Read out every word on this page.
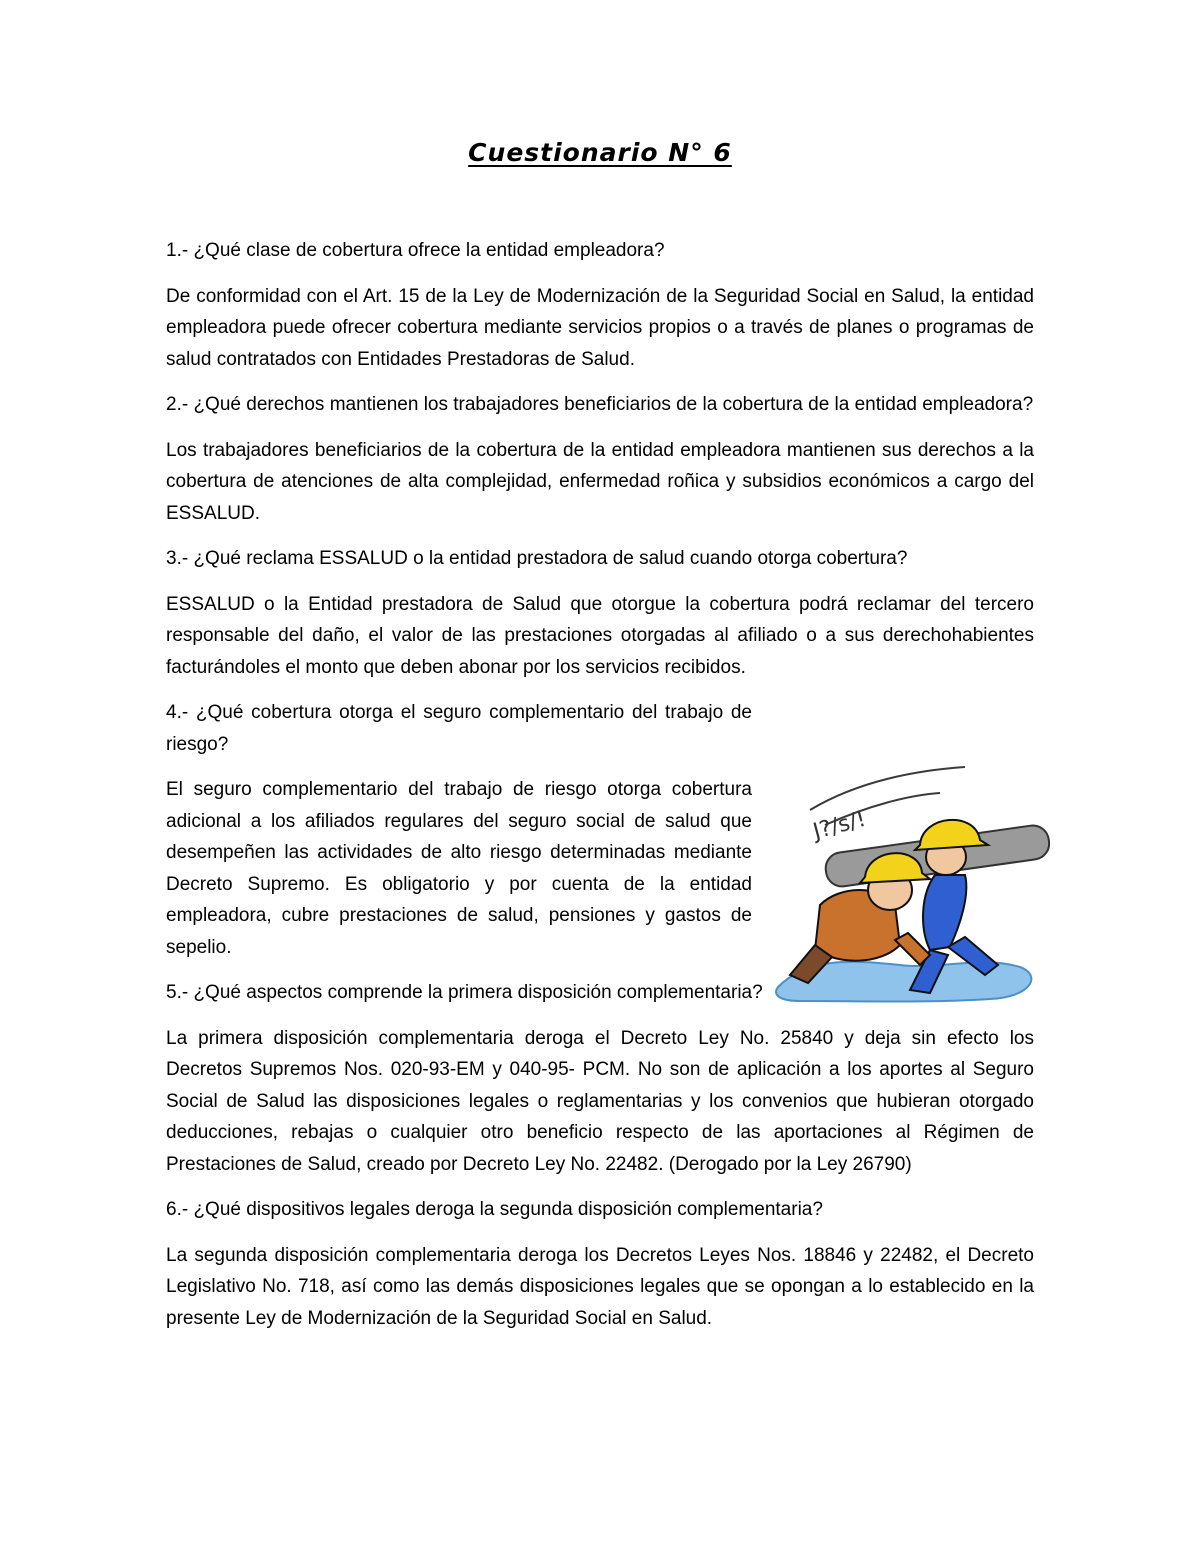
Cuestionario N° 6

1.- ¿Qué clase de cobertura ofrece la entidad empleadora?

De conformidad con el Art. 15 de la Ley de Modernización de la Seguridad Social en Salud, la entidad empleadora puede ofrecer cobertura mediante servicios propios o a través de planes o programas de salud contratados con Entidades Prestadoras de Salud.

2.- ¿Qué derechos mantienen los trabajadores beneficiarios de la cobertura de la entidad empleadora?

Los trabajadores beneficiarios de la cobertura de la entidad empleadora mantienen sus derechos a la cobertura de atenciones de alta complejidad, enfermedad roñica y subsidios económicos a cargo del ESSALUD.

3.- ¿Qué reclama ESSALUD o la entidad prestadora de salud cuando otorga cobertura?

ESSALUD o la Entidad prestadora de Salud que otorgue la cobertura podrá reclamar del tercero responsable del daño, el valor de las prestaciones otorgadas al afiliado o a sus derechohabientes facturándoles el monto que deben abonar por los servicios recibidos.

4.- ¿Qué cobertura otorga el seguro complementario del trabajo de riesgo?

El seguro complementario del trabajo de riesgo otorga cobertura adicional a los afiliados regulares del seguro social de salud que desempeñen las actividades de alto riesgo determinadas mediante Decreto Supremo. Es obligatorio y por cuenta de la entidad empleadora, cubre prestaciones de salud, pensiones y gastos de sepelio.

5.- ¿Qué aspectos comprende la primera disposición complementaria?

La primera disposición complementaria deroga el Decreto Ley No. 25840 y deja sin efecto los Decretos Supremos Nos. 020-93-EM y 040-95- PCM. No son de aplicación a los aportes al Seguro Social de Salud las disposiciones legales o reglamentarias y los convenios que hubieran otorgado deducciones, rebajas o cualquier otro beneficio respecto de las aportaciones al Régimen de Prestaciones de Salud, creado por Decreto Ley No. 22482. (Derogado por la Ley 26790)

6.- ¿Qué dispositivos legales deroga la segunda disposición complementaria?

La segunda disposición complementaria deroga los Decretos Leyes Nos. 18846 y 22482, el Decreto Legislativo No. 718, así como las demás disposiciones legales que se opongan a lo establecido en la presente Ley de Modernización de la Seguridad Social en Salud.

J?/s/!
